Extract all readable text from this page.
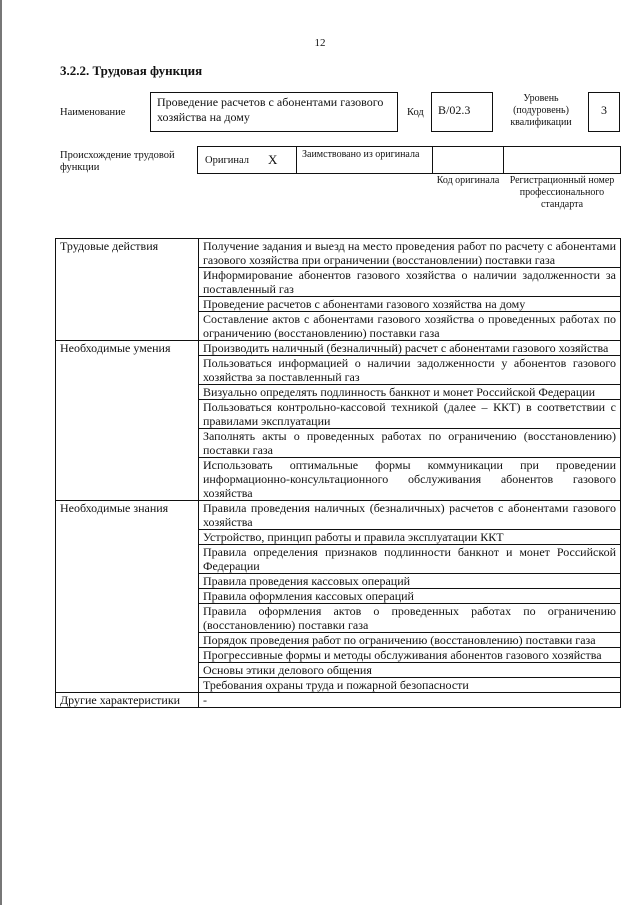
12
3.2.2. Трудовая функция
Наименование
Проведение расчетов с абонентами газового хозяйства на дому	Код	В/02.3
Уровень (подуровень) квалификации
3
Происхождение трудовой функции
Оригинал Х	Заимствовано из оригинала
Код оригинала	Регистрационный номер профессионального стандарта
Трудовые действия	Получение задания и выезд на место проведения работ по расчету с абонентами газового хозяйства при ограничении (восстановлении) поставки газа
	Информирование абонентов газового хозяйства о наличии задолженности за поставленный газ
	Проведение расчетов с абонентами газового хозяйства на дому
	Составление актов с абонентами газового хозяйства о проведенных работах по ограничению (восстановлению) поставки газа
Необходимые умения	Производить наличный (безналичный) расчет с абонентами газового хозяйства
	Пользоваться информацией о наличии задолженности у абонентов газового хозяйства за поставленный газ
	Визуально определять подлинность банкнот и монет Российской Федерации
	Пользоваться контрольно-кассовой техникой (далее – ККТ) в соответствии с правилами эксплуатации
	Заполнять акты о проведенных работах по ограничению (восстановлению) поставки газа
	Использовать оптимальные формы коммуникации при проведении информационно-консультационного обслуживания абонентов газового хозяйства
Необходимые знания	Правила проведения наличных (безналичных) расчетов с абонентами газового хозяйства
	Устройство, принцип работы и правила эксплуатации ККТ
	Правила определения признаков подлинности банкнот и монет Российской Федерации
	Правила проведения кассовых операций
	Правила оформления кассовых операций
	Правила оформления актов о проведенных работах по ограничению (восстановлению) поставки газа
	Порядок проведения работ по ограничению (восстановлению) поставки газа
	Прогрессивные формы и методы обслуживания абонентов газового хозяйства
	Основы этики делового общения
	Требования охраны труда и пожарной безопасности
Другие характеристики	-
